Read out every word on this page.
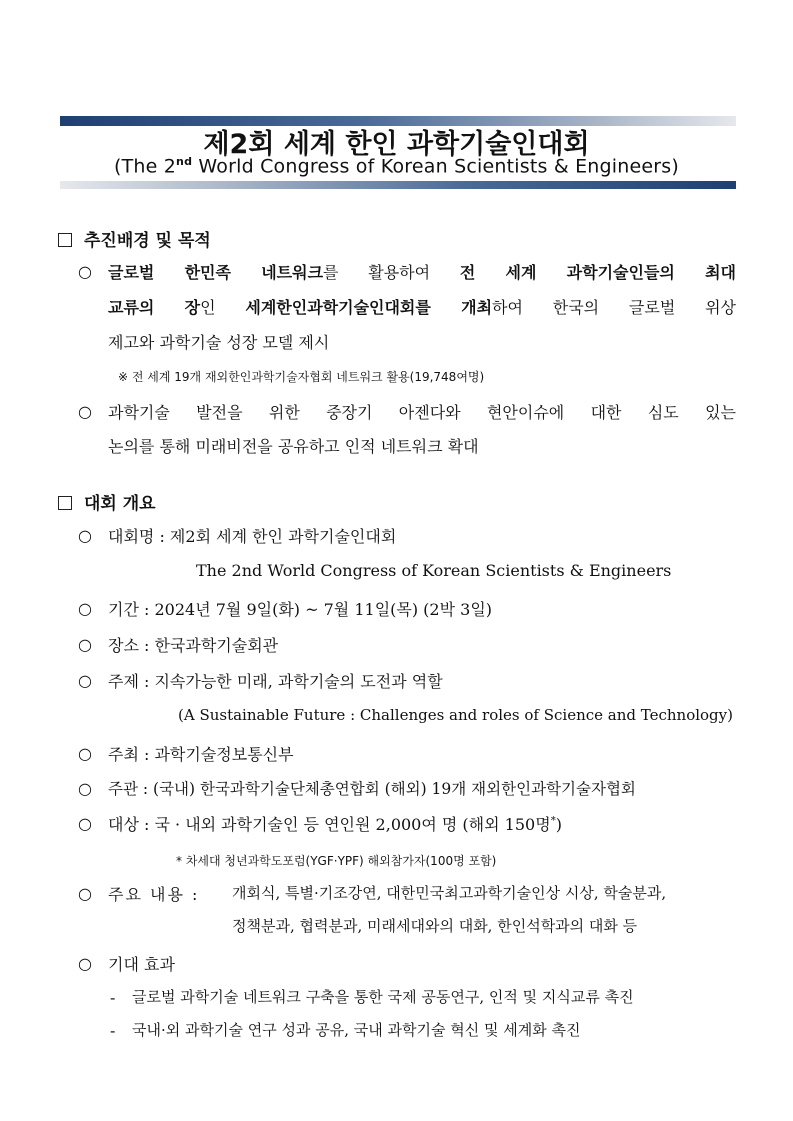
제2회 세계 한인 과학기술인대회
(The 2nd World Congress of Korean Scientists & Engineers)
추진배경 및 목적
○ 글로벌 한민족 네트워크를 활용하여 전 세계 과학기술인들의 최대
교류의 장인 세계한인과학기술인대회를 개최하여 한국의 글로벌 위상
제고와 과학기술 성장 모델 제시
※ 전 세계 19개 재외한인과학기술자협회 네트워크 활용(19,748여명)
○ 과학기술 발전을 위한 중장기 아젠다와 현안이슈에 대한 심도 있는
논의를 통해 미래비전을 공유하고 인적 네트워크 확대
대회 개요
○ 대회명 : 제2회 세계 한인 과학기술인대회
The 2nd World Congress of Korean Scientists & Engineers
○ 기간 : 2024년 7월 9일(화) ~ 7월 11일(목) (2박 3일)
○ 장소 : 한국과학기술회관
○ 주제 : 지속가능한 미래, 과학기술의 도전과 역할
(A Sustainable Future : Challenges and roles of Science and Technology)
○ 주최 : 과학기술정보통신부
○ 주관 : (국내) 한국과학기술단체총연합회 (해외) 19개 재외한인과학기술자협회
○ 대상 : 국 · 내외 과학기술인 등 연인원 2,000여 명 (해외 150명*)
* 차세대 청년과학도포럼(YGF·YPF) 해외참가자(100명 포함)
○ 주요 내용 : 개회식, 특별·기조강연, 대한민국최고과학기술인상 시상, 학술분과,
정책분과, 협력분과, 미래세대와의 대화, 한인석학과의 대화 등
○ 기대 효과
- 글로벌 과학기술 네트워크 구축을 통한 국제 공동연구, 인적 및 지식교류 촉진
- 국내·외 과학기술 연구 성과 공유, 국내 과학기술 혁신 및 세계화 촉진
